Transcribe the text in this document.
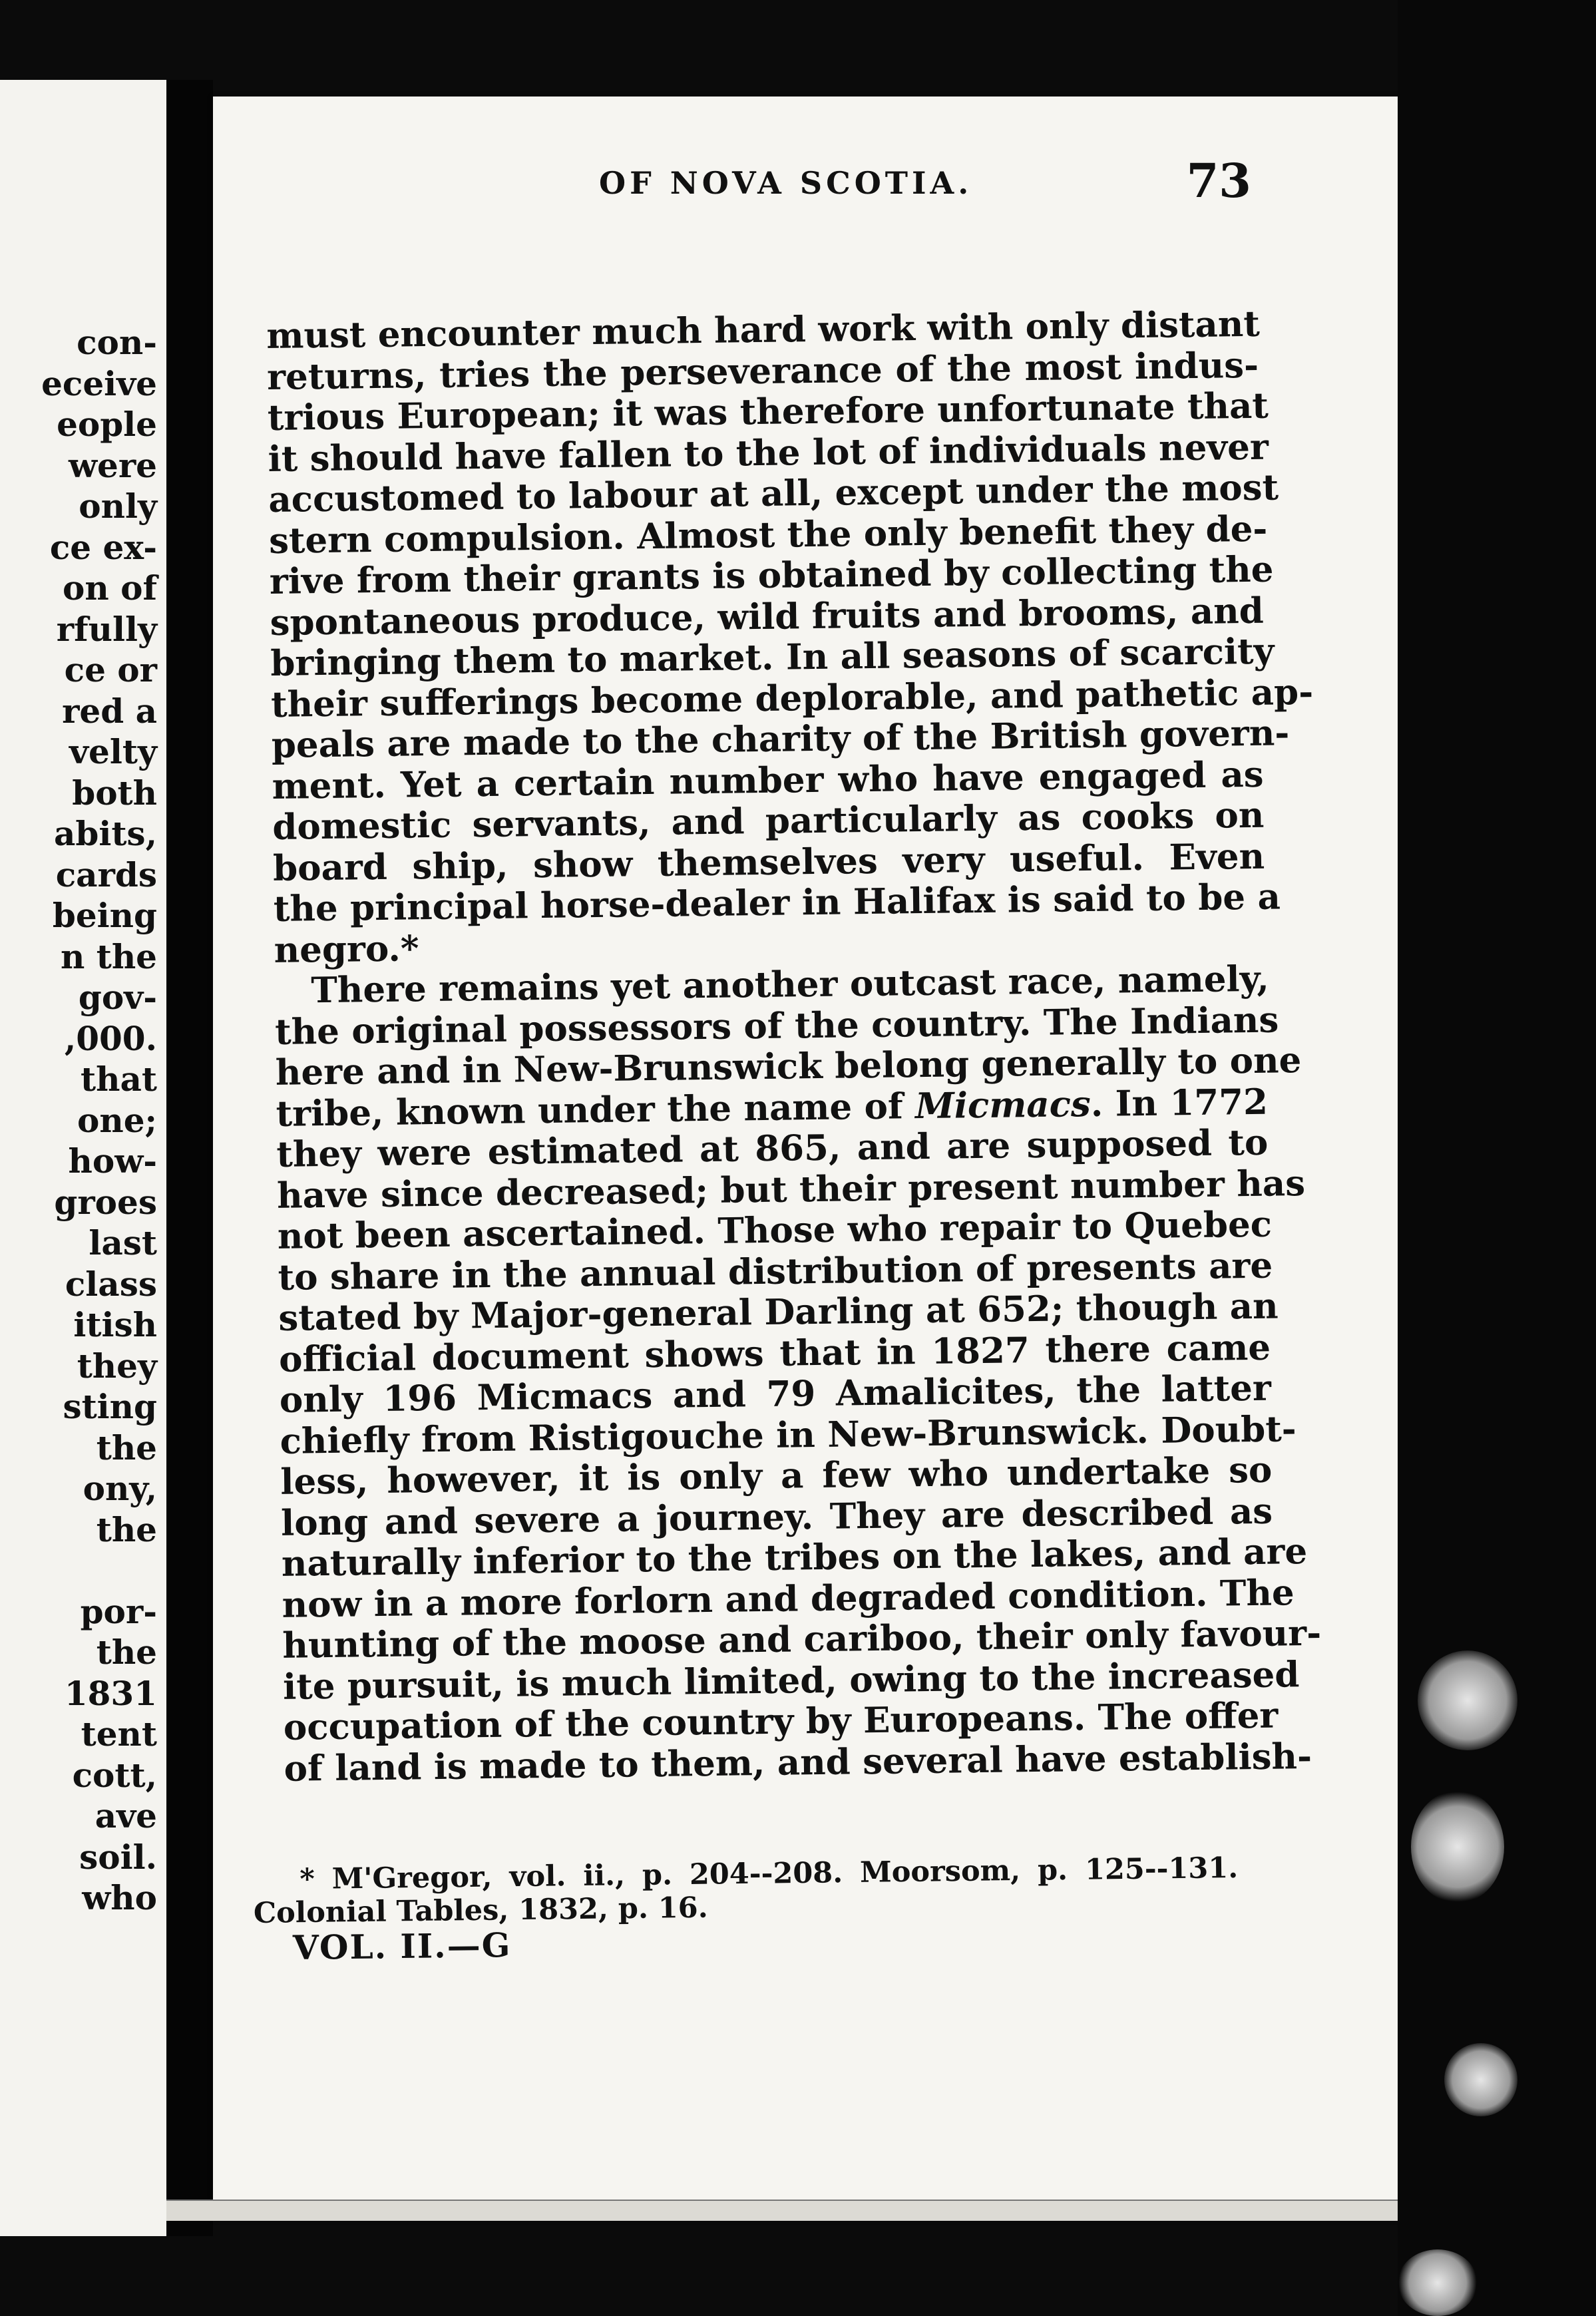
con-
eceive
eople
were
only
ce ex-
on of
rfully
ce or
red a
velty
both
abits,
cards
being
n the
gov-
,000.
that
one;
how-
groes
last
class
itish
they
sting
the
ony,
the
por-
the
1831
tent
cott,
ave
soil.
who
OF NOVA SCOTIA.	73
must encounter much hard work with only distant
returns, tries the perseverance of the most indus-
trious European; it was therefore unfortunate that
it should have fallen to the lot of individuals never
accustomed to labour at all, except under the most
stern compulsion. Almost the only benefit they de-
rive from their grants is obtained by collecting the
spontaneous produce, wild fruits and brooms, and
bringing them to market. In all seasons of scarcity
their sufferings become deplorable, and pathetic ap-
peals are made to the charity of the British govern-
ment. Yet a certain number who have engaged as
domestic servants, and particularly as cooks on
board ship, show themselves very useful. Even
the principal horse-dealer in Halifax is said to be a
negro.*
There remains yet another outcast race, namely,
the original possessors of the country. The Indians
here and in New-Brunswick belong generally to one
tribe, known under the name of Micmacs. In 1772
they were estimated at 865, and are supposed to
have since decreased; but their present number has
not been ascertained. Those who repair to Quebec
to share in the annual distribution of presents are
stated by Major-general Darling at 652; though an
official document shows that in 1827 there came
only 196 Micmacs and 79 Amalicites, the latter
chiefly from Ristigouche in New-Brunswick. Doubt-
less, however, it is only a few who undertake so
long and severe a journey. They are described as
naturally inferior to the tribes on the lakes, and are
now in a more forlorn and degraded condition. The
hunting of the moose and cariboo, their only favour-
ite pursuit, is much limited, owing to the increased
occupation of the country by Europeans. The offer
of land is made to them, and several have establish-
* M'Gregor, vol. ii., p. 204--208. Moorsom, p. 125--131.
Colonial Tables, 1832, p. 16.
VOL. II.—G
